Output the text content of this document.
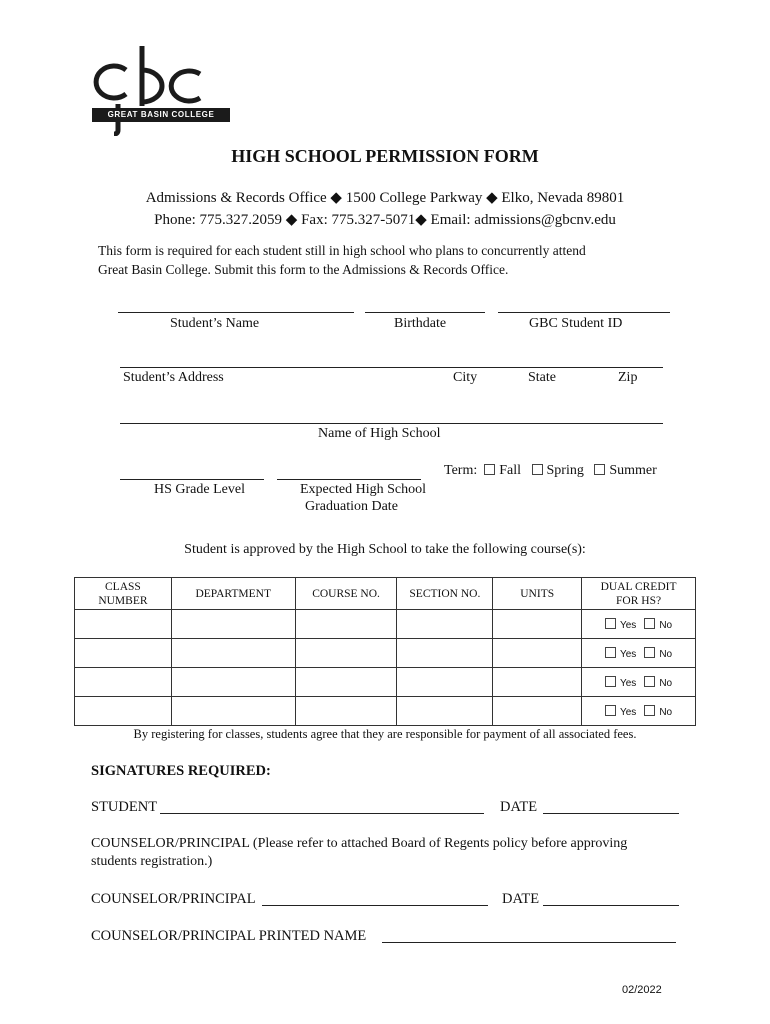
GREAT BASIN COLLEGE
HIGH SCHOOL PERMISSION FORM
Admissions & Records Office ◆ 1500 College Parkway ◆ Elko, Nevada 89801
Phone: 775.327.2059 ◆ Fax: 775.327-5071◆ Email: admissions@gbcnv.edu
This form is required for each student still in high school who plans to concurrently attend
Great Basin College. Submit this form to the Admissions & Records Office.
Student’s Name	Birthdate	GBC Student ID
Student’s Address	City	State	Zip
Name of High School
HS Grade Level	Expected High School
Graduation Date
Term: Fall Spring Summer
Student is approved by the High School to take the following course(s):
CLASS
NUMBER	DEPARTMENT	COURSE NO.	SECTION NO.	UNITS	DUAL CREDIT
FOR HS?
					Yes No
					Yes No
					Yes No
					Yes No
By registering for classes, students agree that they are responsible for payment of all associated fees.
SIGNATURES REQUIRED:
STUDENT	DATE
COUNSELOR/PRINCIPAL (Please refer to attached Board of Regents policy before approving
students registration.)
COUNSELOR/PRINCIPAL	DATE
COUNSELOR/PRINCIPAL PRINTED NAME
02/2022
